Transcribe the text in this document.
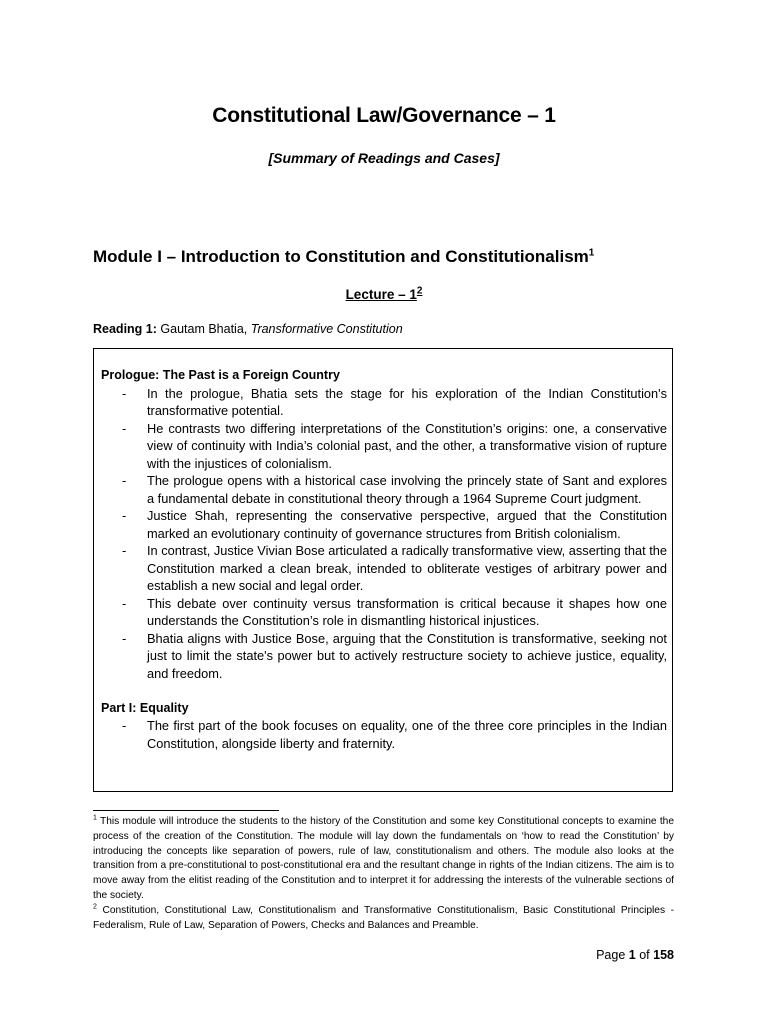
Constitutional Law/Governance – 1
[Summary of Readings and Cases]
Module I – Introduction to Constitution and Constitutionalism$^1$
Lecture – $1^2$
Reading 1: Gautam Bhatia, Transformative Constitution
Prologue: The Past is a Foreign Country
- In the prologue, Bhatia sets the stage for his exploration of the Indian Constitution's transformative potential.
- He contrasts two differing interpretations of the Constitution’s origins: one, a conservative view of continuity with India’s colonial past, and the other, a transformative vision of rupture with the injustices of colonialism.
- The prologue opens with a historical case involving the princely state of Sant and explores a fundamental debate in constitutional theory through a 1964 Supreme Court judgment.
- Justice Shah, representing the conservative perspective, argued that the Constitution marked an evolutionary continuity of governance structures from British colonialism.
- In contrast, Justice Vivian Bose articulated a radically transformative view, asserting that the Constitution marked a clean break, intended to obliterate vestiges of arbitrary power and establish a new social and legal order.
- This debate over continuity versus transformation is critical because it shapes how one understands the Constitution’s role in dismantling historical injustices.
- Bhatia aligns with Justice Bose, arguing that the Constitution is transformative, seeking not just to limit the state's power but to actively restructure society to achieve justice, equality, and freedom.
Part I: Equality
- The first part of the book focuses on equality, one of the three core principles in the Indian Constitution, alongside liberty and fraternity.

$^1$ This module will introduce the students to the history of the Constitution and some key Constitutional concepts to examine the process of the creation of the Constitution. The module will lay down the fundamentals on ‘how to read the Constitution’ by introducing the concepts like separation of powers, rule of law, constitutionalism and others. The module also looks at the transition from a pre-constitutional to post-constitutional era and the resultant change in rights of the Indian citizens. The aim is to move away from the elitist reading of the Constitution and to interpret it for addressing the interests of the vulnerable sections of the society.

$^2$ Constitution, Constitutional Law, Constitutionalism and Transformative Constitutionalism, Basic Constitutional Principles - Federalism, Rule of Law, Separation of Powers, Checks and Balances and Preamble.

Page 1 of 158
